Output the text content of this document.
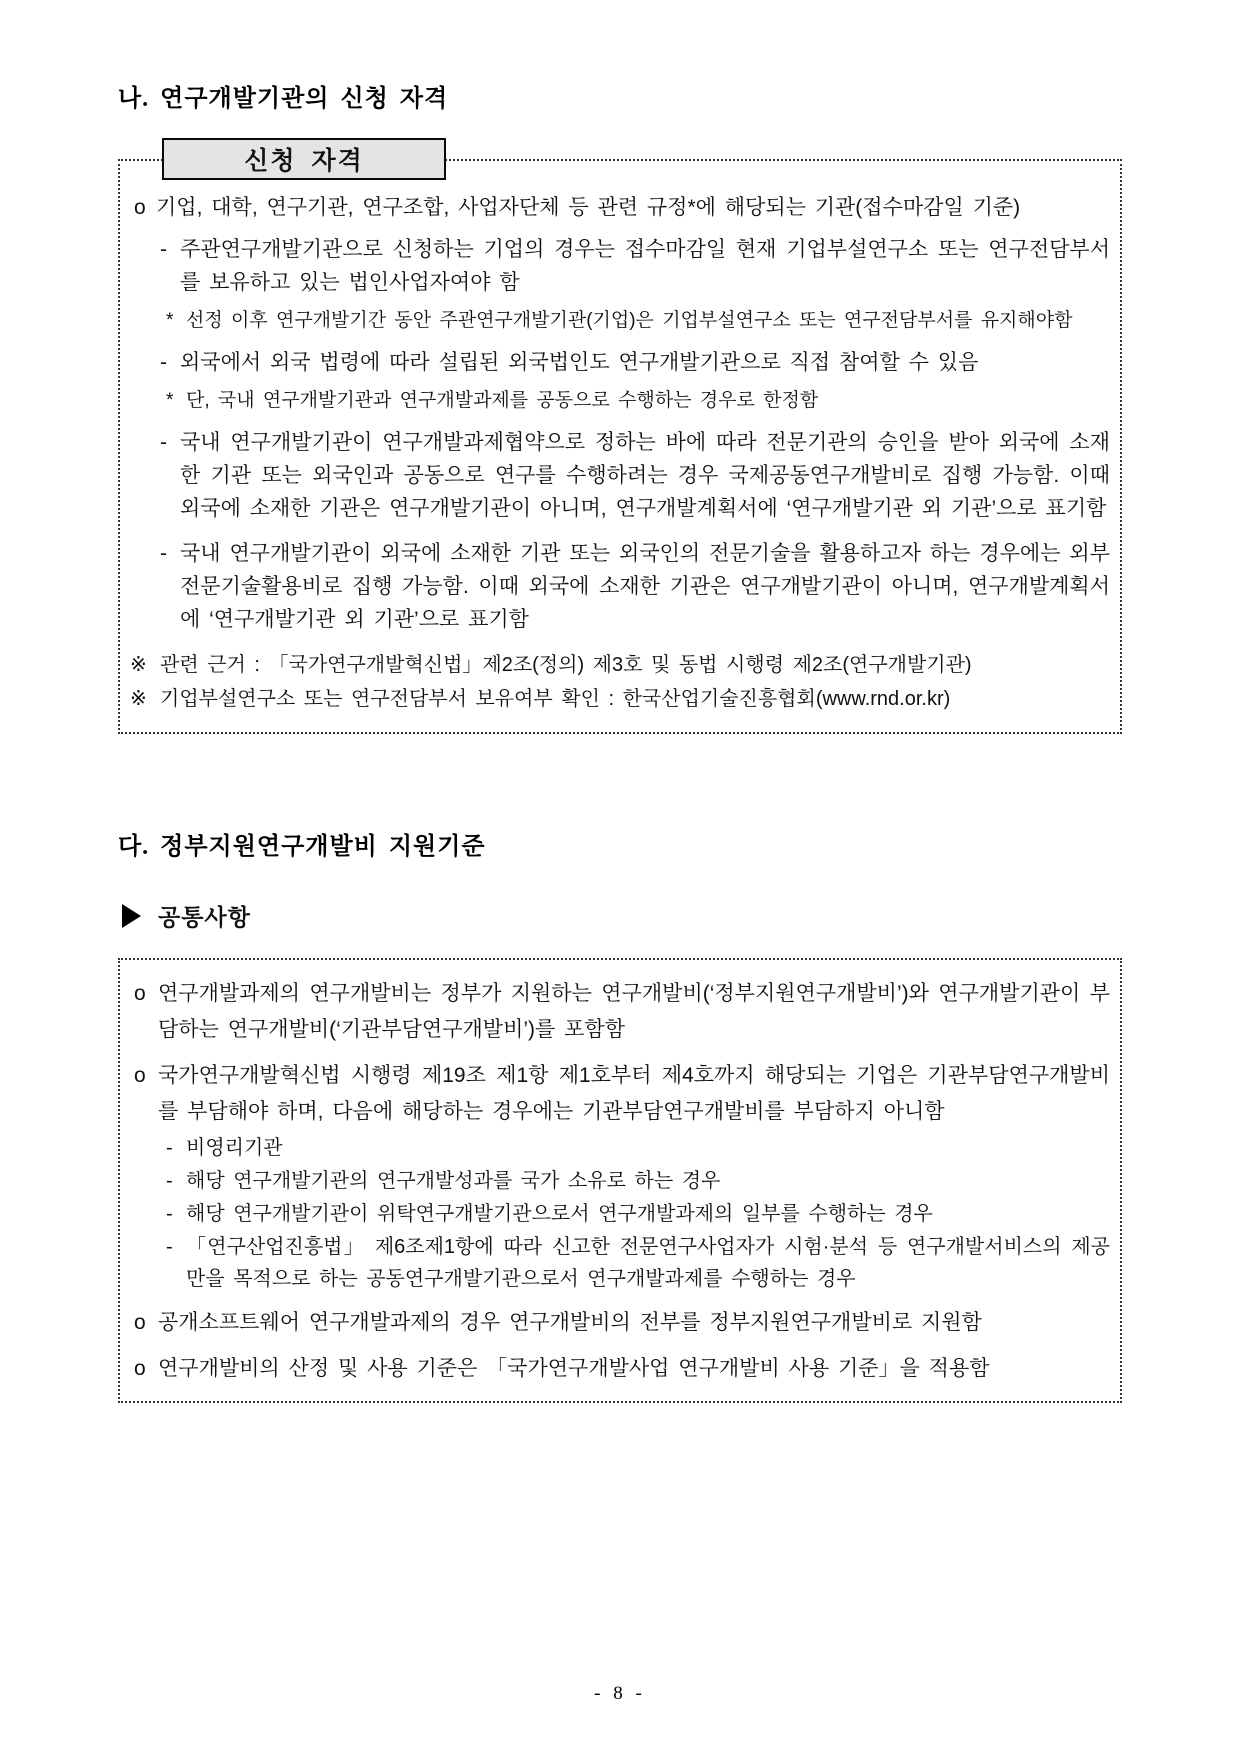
나. 연구개발기관의 신청 자격
신청 자격
o 기업, 대학, 연구기관, 연구조합, 사업자단체 등 관련 규정*에 해당되는 기관(접수마감일 기준)
- 주관연구개발기관으로 신청하는 기업의 경우는 접수마감일 현재 기업부설연구소 또는 연구전담부서를 보유하고 있는 법인사업자여야 함
* 선정 이후 연구개발기간 동안 주관연구개발기관(기업)은 기업부설연구소 또는 연구전담부서를 유지해야함
- 외국에서 외국 법령에 따라 설립된 외국법인도 연구개발기관으로 직접 참여할 수 있음
* 단, 국내 연구개발기관과 연구개발과제를 공동으로 수행하는 경우로 한정함
- 국내 연구개발기관이 연구개발과제협약으로 정하는 바에 따라 전문기관의 승인을 받아 외국에 소재한 기관 또는 외국인과 공동으로 연구를 수행하려는 경우 국제공동연구개발비로 집행 가능함. 이때 외국에 소재한 기관은 연구개발기관이 아니며, 연구개발계획서에 ‘연구개발기관 외 기관’으로 표기함
- 국내 연구개발기관이 외국에 소재한 기관 또는 외국인의 전문기술을 활용하고자 하는 경우에는 외부전문기술활용비로 집행 가능함. 이때 외국에 소재한 기관은 연구개발기관이 아니며, 연구개발계획서에 ‘연구개발기관 외 기관’으로 표기함
※ 관련 근거 : 「국가연구개발혁신법」제2조(정의) 제3호 및 동법 시행령 제2조(연구개발기관)
※ 기업부설연구소 또는 연구전담부서 보유여부 확인 : 한국산업기술진흥협회(www.rnd.or.kr)
다. 정부지원연구개발비 지원기준
공통사항
o 연구개발과제의 연구개발비는 정부가 지원하는 연구개발비(‘정부지원연구개발비’)와 연구개발기관이 부담하는 연구개발비(‘기관부담연구개발비’)를 포함함
o 국가연구개발혁신법 시행령 제19조 제1항 제1호부터 제4호까지 해당되는 기업은 기관부담연구개발비를 부담해야 하며, 다음에 해당하는 경우에는 기관부담연구개발비를 부담하지 아니함
- 비영리기관
- 해당 연구개발기관의 연구개발성과를 국가 소유로 하는 경우
- 해당 연구개발기관이 위탁연구개발기관으로서 연구개발과제의 일부를 수행하는 경우
- 「연구산업진흥법」 제6조제1항에 따라 신고한 전문연구사업자가 시험·분석 등 연구개발서비스의 제공만을 목적으로 하는 공동연구개발기관으로서 연구개발과제를 수행하는 경우
o 공개소프트웨어 연구개발과제의 경우 연구개발비의 전부를 정부지원연구개발비로 지원함
o 연구개발비의 산정 및 사용 기준은 「국가연구개발사업 연구개발비 사용 기준」을 적용함
- 8 -
